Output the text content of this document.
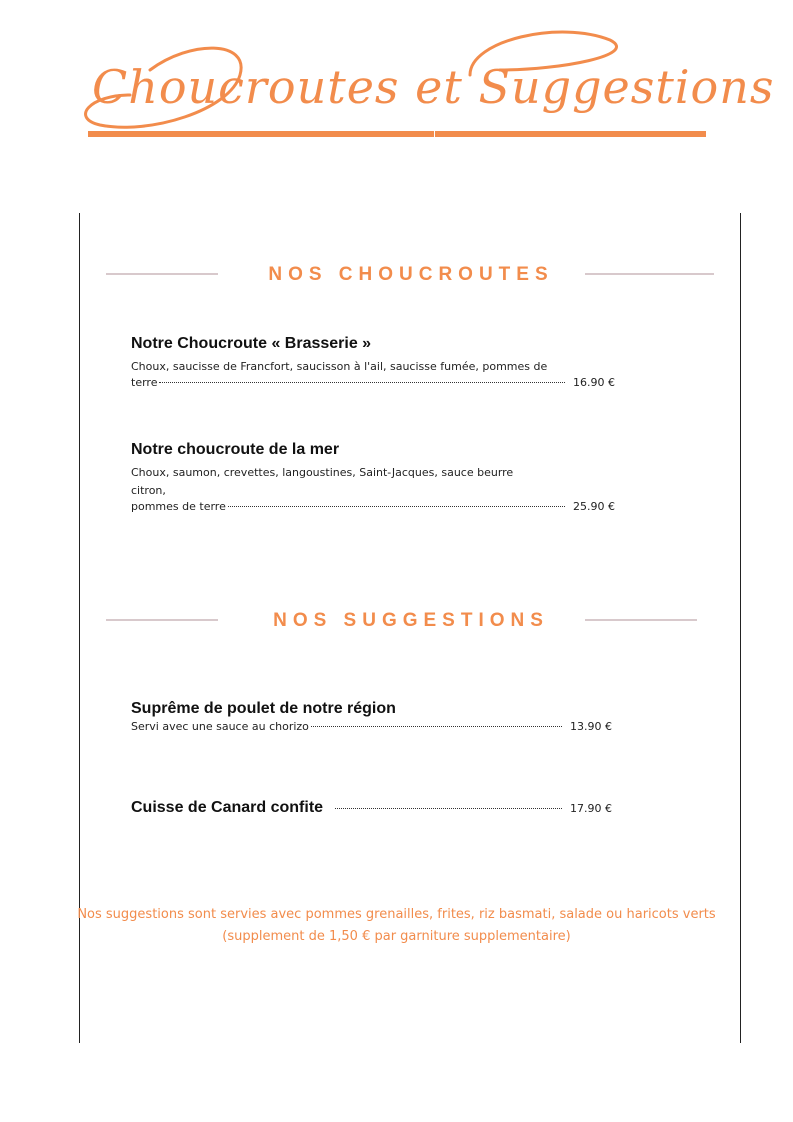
Choucroutes et Suggestions
NOS CHOUCROUTES
Notre Choucroute « Brasserie »
Choux, saucisse de Francfort, saucisson à l'ail, saucisse fumée, pommes de
terre	16.90 €
Notre choucroute de la mer
Choux, saumon, crevettes, langoustines, Saint-Jacques, sauce beurre citron,
pommes de terre	25.90 €
NOS SUGGESTIONS
Suprême de poulet de notre région
Servi avec une sauce au chorizo	13.90 €
Cuisse de Canard confite	17.90 €
Nos suggestions sont servies avec pommes grenailles, frites, riz basmati, salade ou haricots verts
(supplement de 1,50 € par garniture supplementaire)
